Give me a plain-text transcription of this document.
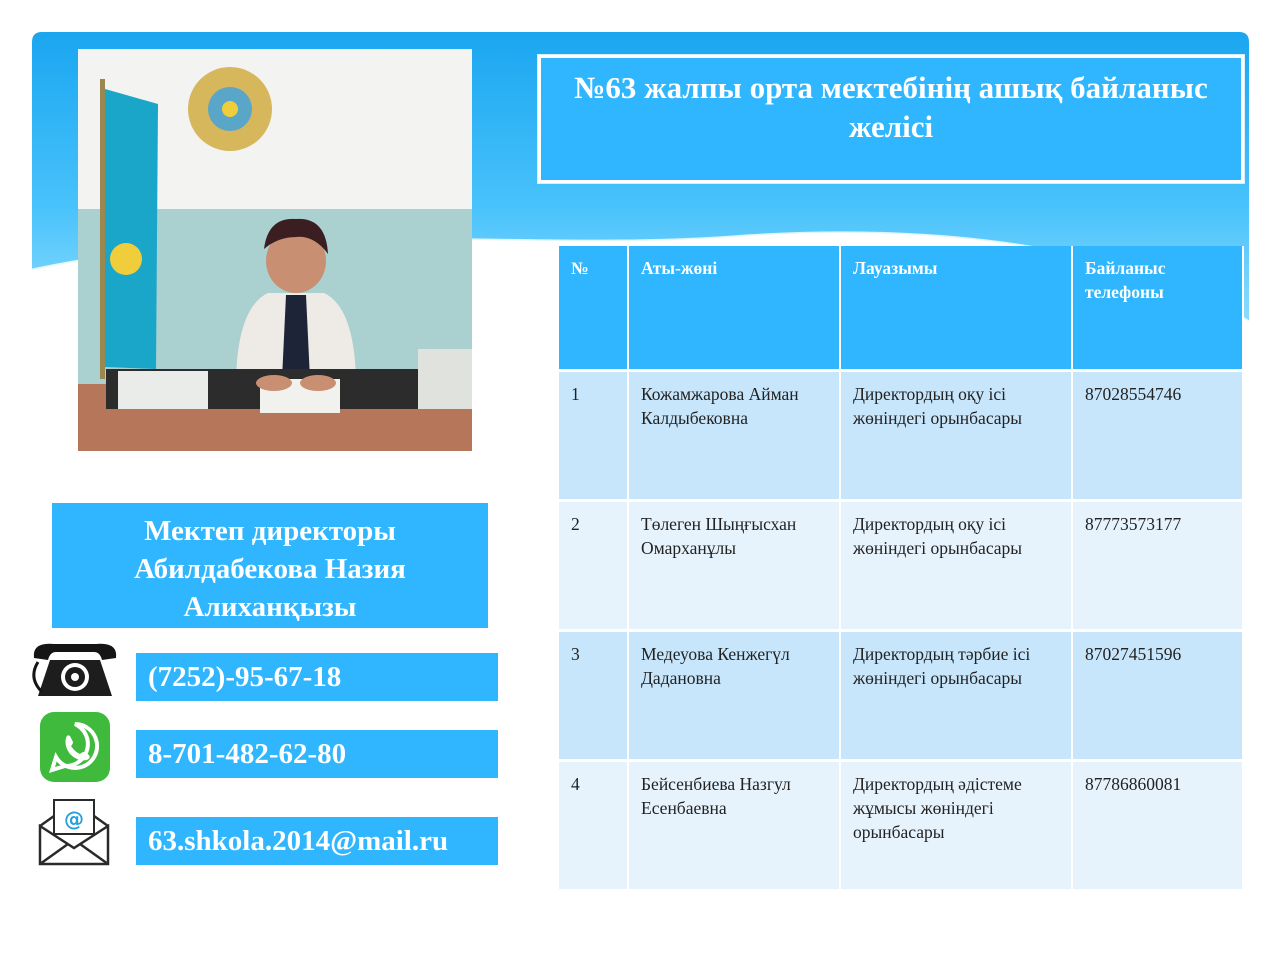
№63 жалпы орта мектебінің ашық байланыс
желісі
Мектеп директоры
Абилдабекова Назия
Алиханқызы
(7252)-95-67-18
8-701-482-62-80
@
63.shkola.2014@mail.ru
№	Аты-жөні	Лауазымы	Байланыс телефоны
1	Кожамжарова Айман Калдыбековна	Директордың оқу ісі жөніндегі орынбасары	87028554746
2	Төлеген Шыңғысхан Омарханұлы	Директордың оқу ісі жөніндегі орынбасары	87773573177
3	Медеуова Кенжегүл Дадановна	Директордың тәрбие ісі жөніндегі орынбасары	87027451596
4	Бейсенбиева Назгул Есенбаевна	Директордың әдістеме жұмысы жөніндегі орынбасары	87786860081
